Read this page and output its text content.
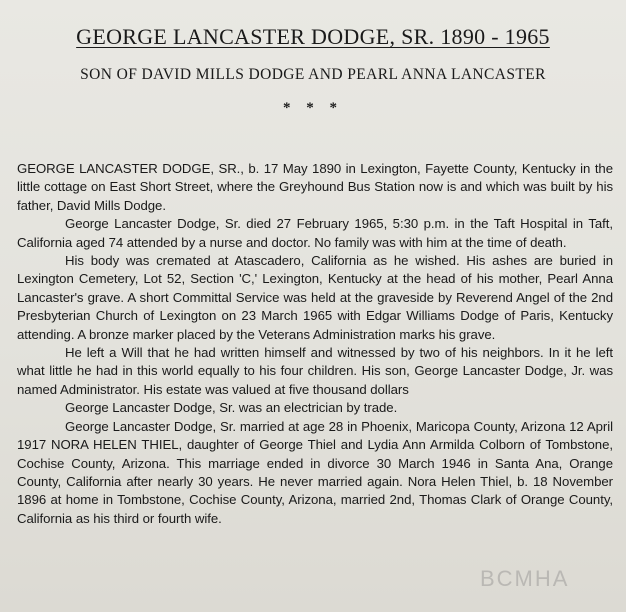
GEORGE LANCASTER DODGE, SR. 1890 - 1965
SON OF DAVID MILLS DODGE AND PEARL ANNA LANCASTER
* * *

GEORGE LANCASTER DODGE, SR., b. 17 May 1890 in Lexington, Fayette County, Kentucky in the little cottage on East Short Street, where the Greyhound Bus Station now is and which was built by his father, David Mills Dodge.

George Lancaster Dodge, Sr. died 27 February 1965, 5:30 p.m. in the Taft Hospital in Taft, California aged 74 attended by a nurse and doctor. No family was with him at the time of death.

His body was cremated at Atascadero, California as he wished. His ashes are buried in Lexington Cemetery, Lot 52, Section 'C,' Lexington, Kentucky at the head of his mother, Pearl Anna Lancaster's grave. A short Committal Service was held at the graveside by Reverend Angel of the 2nd Presbyterian Church of Lexington on 23 March 1965 with Edgar Williams Dodge of Paris, Kentucky attending. A bronze marker placed by the Veterans Administration marks his grave.

He left a Will that he had written himself and witnessed by two of his neighbors. In it he left what little he had in this world equally to his four children. His son, George Lancaster Dodge, Jr. was named Administrator. His estate was valued at five thousand dollars

George Lancaster Dodge, Sr. was an electrician by trade.

George Lancaster Dodge, Sr. married at age 28 in Phoenix, Maricopa County, Arizona 12 April 1917 NORA HELEN THIEL, daughter of George Thiel and Lydia Ann Armilda Colborn of Tombstone, Cochise County, Arizona. This marriage ended in divorce 30 March 1946 in Santa Ana, Orange County, California after nearly 30 years. He never married again. Nora Helen Thiel, b. 18 November 1896 at home in Tombstone, Cochise County, Arizona, married 2nd, Thomas Clark of Orange County, California as his third or fourth wife.

BCMHA
